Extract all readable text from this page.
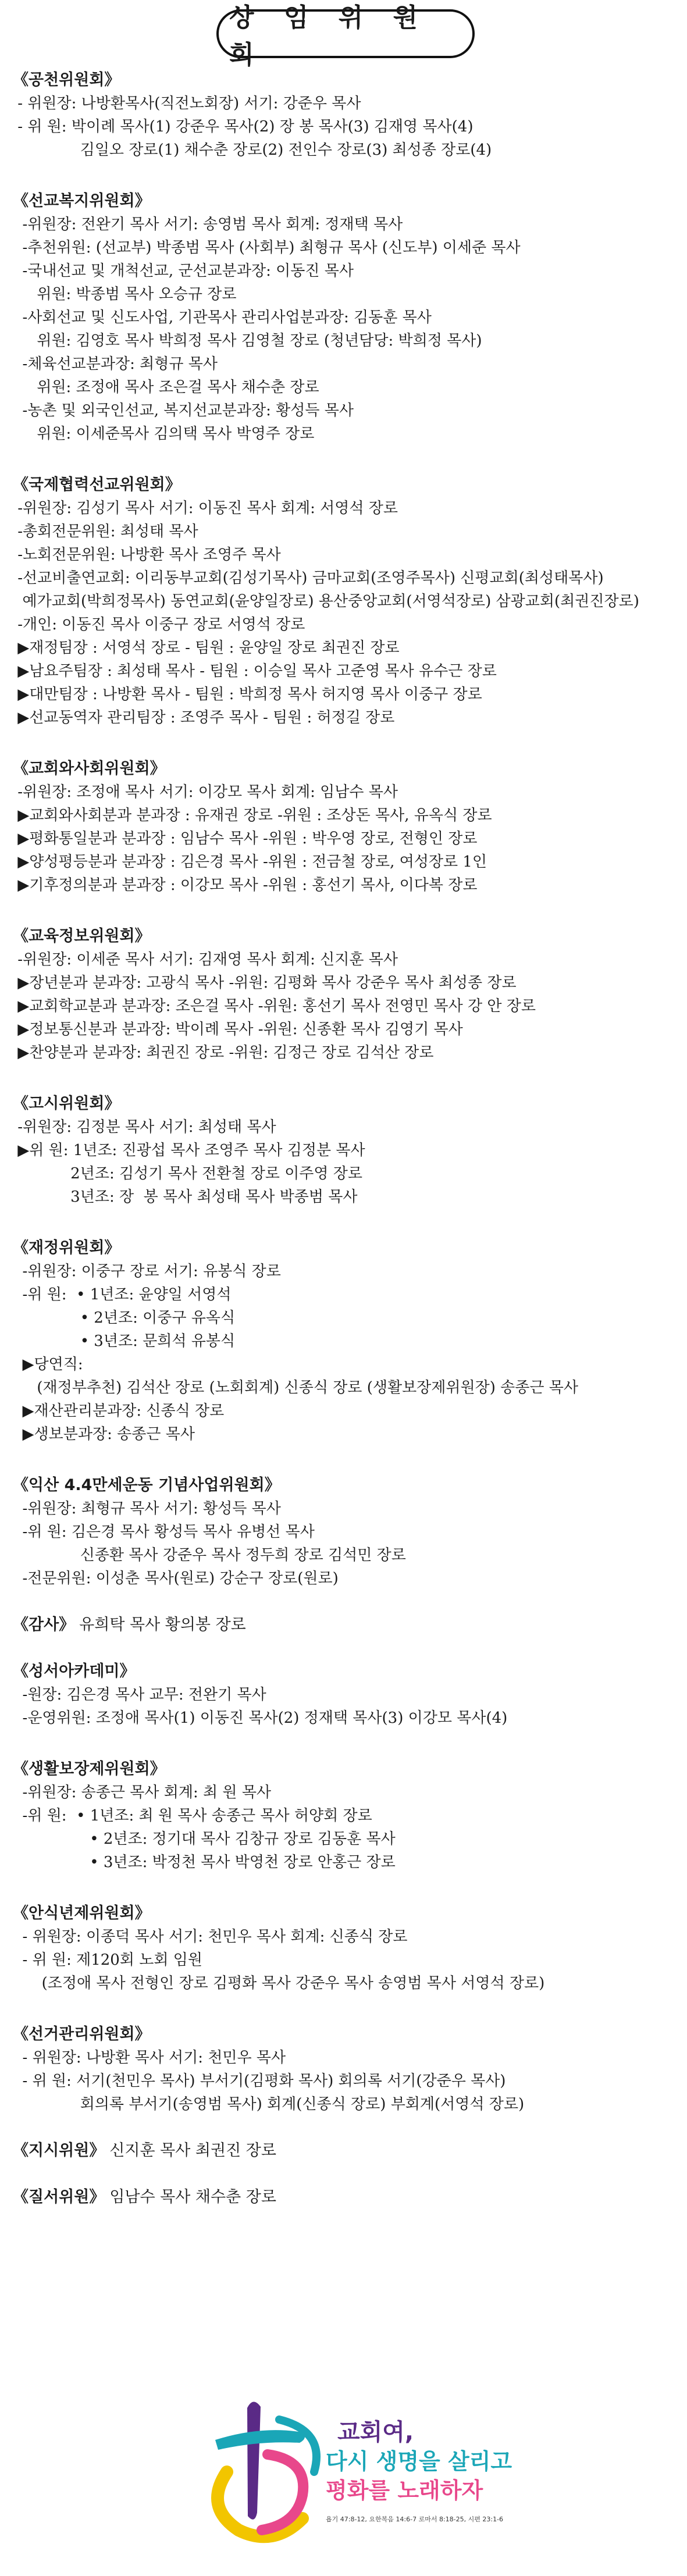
상 임 위 원 회
《공천위원회》
- 위원장: 나방환목사(직전노회장) 서기: 강준우 목사
- 위 원: 박이례 목사(1) 강준우 목사(2) 장 봉 목사(3) 김재영 목사(4)
김일오 장로(1) 채수춘 장로(2) 전인수 장로(3) 최성종 장로(4)
《선교복지위원회》
-위원장: 전완기 목사 서기: 송영범 목사 회계: 정재택 목사
-추천위원: (선교부) 박종범 목사 (사회부) 최형규 목사 (신도부) 이세준 목사
-국내선교 및 개척선교, 군선교분과장: 이동진 목사
위원: 박종범 목사 오승규 장로
-사회선교 및 신도사업, 기관목사 관리사업분과장: 김동훈 목사
위원: 김영호 목사 박희정 목사 김영철 장로 (청년담당: 박희정 목사)
-체육선교분과장: 최형규 목사
위원: 조정애 목사 조은걸 목사 채수춘 장로
-농촌 및 외국인선교, 복지선교분과장: 황성득 목사
위원: 이세준목사 김의택 목사 박영주 장로
《국제협력선교위원회》
-위원장: 김성기 목사 서기: 이동진 목사 회계: 서영석 장로
-총회전문위원: 최성태 목사
-노회전문위원: 나방환 목사 조영주 목사
-선교비출연교회: 이리동부교회(김성기목사) 금마교회(조영주목사) 신평교회(최성태목사)
예가교회(박희정목사) 동연교회(윤양일장로) 용산중앙교회(서영석장로) 삼광교회(최권진장로)
-개인: 이동진 목사 이중구 장로 서영석 장로
▶재정팀장 : 서영석 장로 - 팀원 : 윤양일 장로 최권진 장로
▶남요주팀장 : 최성태 목사 - 팀원 : 이승일 목사 고준영 목사 유수근 장로
▶대만팀장 : 나방환 목사 - 팀원 : 박희정 목사 허지영 목사 이중구 장로
▶선교동역자 관리팀장 : 조영주 목사 - 팀원 : 허정길 장로
《교회와사회위원회》
-위원장: 조정애 목사 서기: 이강모 목사 회계: 임남수 목사
▶교회와사회분과 분과장 : 유재권 장로 -위원 : 조상돈 목사, 유옥식 장로
▶평화통일분과 분과장 : 임남수 목사 -위원 : 박우영 장로, 전형인 장로
▶양성평등분과 분과장 : 김은경 목사 -위원 : 전금철 장로, 여성장로 1인
▶기후정의분과 분과장 : 이강모 목사 -위원 : 홍선기 목사, 이다복 장로
《교육정보위원회》
-위원장: 이세준 목사 서기: 김재영 목사 회계: 신지훈 목사
▶장년분과 분과장: 고광식 목사 -위원: 김평화 목사 강준우 목사 최성종 장로
▶교회학교분과 분과장: 조은걸 목사 -위원: 홍선기 목사 전영민 목사 강 안 장로
▶정보통신분과 분과장: 박이례 목사 -위원: 신종환 목사 김영기 목사
▶찬양분과 분과장: 최권진 장로 -위원: 김정근 장로 김석산 장로
《고시위원회》
-위원장: 김정분 목사 서기: 최성태 목사
▶위 원: 1년조: 진광섭 목사 조영주 목사 김정분 목사
2년조: 김성기 목사 전환철 장로 이주영 장로
3년조: 장  봉 목사 최성태 목사 박종범 목사
《재정위원회》
-위원장: 이중구 장로 서기: 유봉식 장로
-위 원:  • 1년조: 윤양일 서영석
• 2년조: 이중구 유옥식
• 3년조: 문희석 유봉식
▶당연직:
(재정부추천) 김석산 장로 (노회회계) 신종식 장로 (생활보장제위원장) 송종근 목사
▶재산관리분과장: 신종식 장로
▶생보분과장: 송종근 목사
《익산 4.4만세운동 기념사업위원회》
-위원장: 최형규 목사 서기: 황성득 목사
-위 원: 김은경 목사 황성득 목사 유병선 목사
신종환 목사 강준우 목사 정두희 장로 김석민 장로
-전문위원: 이성춘 목사(원로) 강순구 장로(원로)
《감사》 유희탁 목사 황의봉 장로
《성서아카데미》
-원장: 김은경 목사 교무: 전완기 목사
-운영위원: 조정애 목사(1) 이동진 목사(2) 정재택 목사(3) 이강모 목사(4)
《생활보장제위원회》
-위원장: 송종근 목사 회계: 최 원 목사
-위 원:  • 1년조: 최 원 목사 송종근 목사 허양회 장로
• 2년조: 정기대 목사 김창규 장로 김동훈 목사
• 3년조: 박정천 목사 박영천 장로 안홍근 장로
《안식년제위원회》
- 위원장: 이종덕 목사 서기: 천민우 목사 회계: 신종식 장로
- 위 원: 제120회 노회 임원
(조정애 목사 전형인 장로 김평화 목사 강준우 목사 송영범 목사 서영석 장로)
《선거관리위원회》
- 위원장: 나방환 목사 서기: 천민우 목사
- 위 원: 서기(천민우 목사) 부서기(김평화 목사) 회의록 서기(강준우 목사)
회의록 부서기(송영범 목사) 회계(신종식 장로) 부회계(서영석 장로)
《지시위원》 신지훈 목사 최권진 장로
《질서위원》 임남수 목사 채수춘 장로
교회여,
다시 생명을 살리고
평화를 노래하자
욥기 47:8-12, 요한복음 14:6-7 로마서 8:18-25, 시편 23:1-6
